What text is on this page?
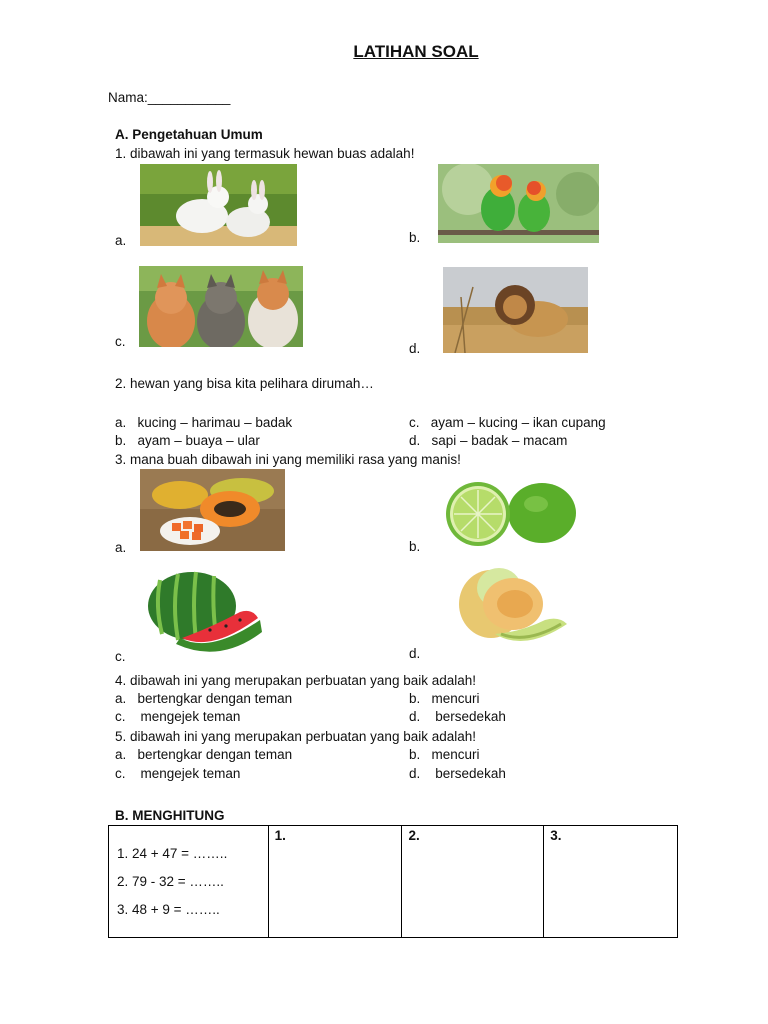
LATIHAN SOAL
Nama:___________
A. Pengetahuan Umum
1. dibawah ini yang termasuk hewan buas adalah!
a.	b.
c.	d.
2. hewan yang bisa kita pelihara dirumah…
a. kucing – harimau – badak
b. ayam – buaya – ular
c. ayam – kucing – ikan cupang
d. sapi – badak – macam
3. mana buah dibawah ini yang memiliki rasa yang manis!
a.	b.
c.	d.
4. dibawah ini yang merupakan perbuatan yang baik adalah!
a. bertengkar dengan teman
c. mengejek teman
b. mencuri
d. bersedekah
5. dibawah ini yang merupakan perbuatan yang baik adalah!
a. bertengkar dengan teman
c. mengejek teman
b. mencuri
d. bersedekah
B. MENGHITUNG
1. 24 + 47 = ……..
2. 79 - 32 = ……..
3. 48 + 9 = ……..
	1.	2.	3.
